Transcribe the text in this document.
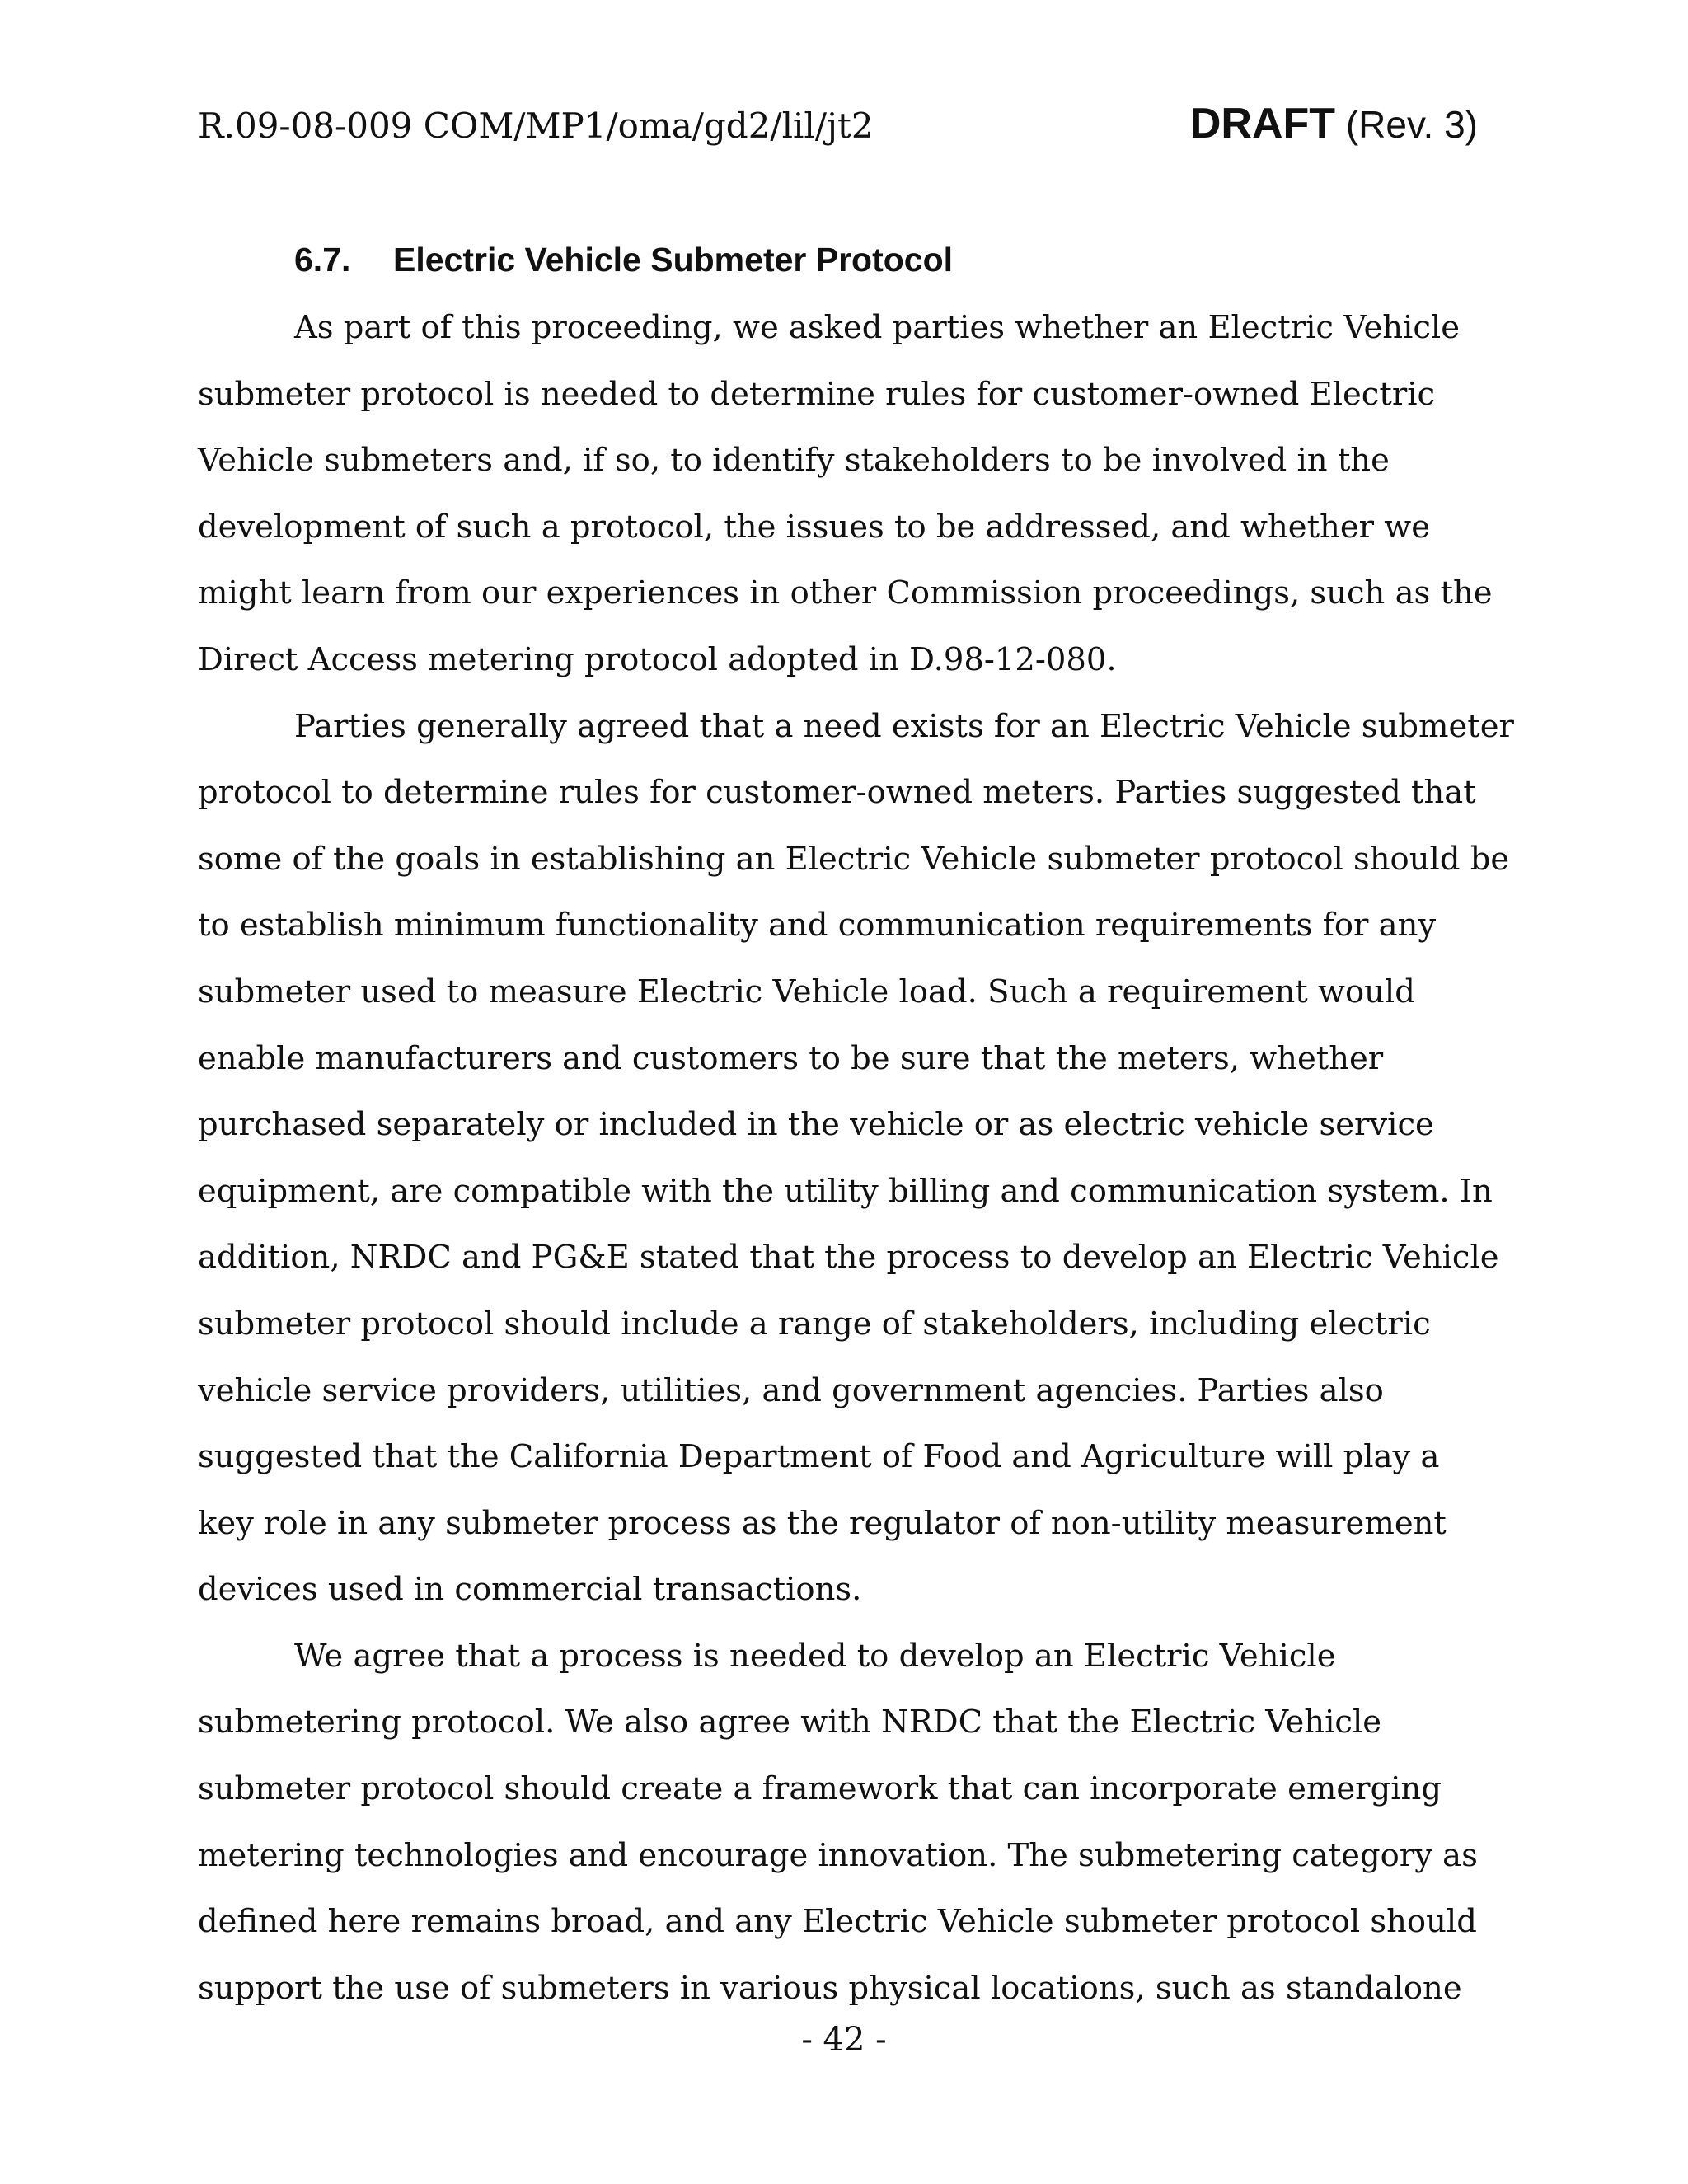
R.09-08-009 COM/MP1/oma/gd2/lil/jt2	DRAFT (Rev. 3)
6.7. Electric Vehicle Submeter Protocol
As part of this proceeding, we asked parties whether an Electric Vehicle
submeter protocol is needed to determine rules for customer-owned Electric
Vehicle submeters and, if so, to identify stakeholders to be involved in the
development of such a protocol, the issues to be addressed, and whether we
might learn from our experiences in other Commission proceedings, such as the
Direct Access metering protocol adopted in D.98-12-080.
Parties generally agreed that a need exists for an Electric Vehicle submeter
protocol to determine rules for customer-owned meters. Parties suggested that
some of the goals in establishing an Electric Vehicle submeter protocol should be
to establish minimum functionality and communication requirements for any
submeter used to measure Electric Vehicle load. Such a requirement would
enable manufacturers and customers to be sure that the meters, whether
purchased separately or included in the vehicle or as electric vehicle service
equipment, are compatible with the utility billing and communication system. In
addition, NRDC and PG&E stated that the process to develop an Electric Vehicle
submeter protocol should include a range of stakeholders, including electric
vehicle service providers, utilities, and government agencies. Parties also
suggested that the California Department of Food and Agriculture will play a
key role in any submeter process as the regulator of non-utility measurement
devices used in commercial transactions.
We agree that a process is needed to develop an Electric Vehicle
submetering protocol. We also agree with NRDC that the Electric Vehicle
submeter protocol should create a framework that can incorporate emerging
metering technologies and encourage innovation. The submetering category as
defined here remains broad, and any Electric Vehicle submeter protocol should
support the use of submeters in various physical locations, such as standalone
- 42 -
